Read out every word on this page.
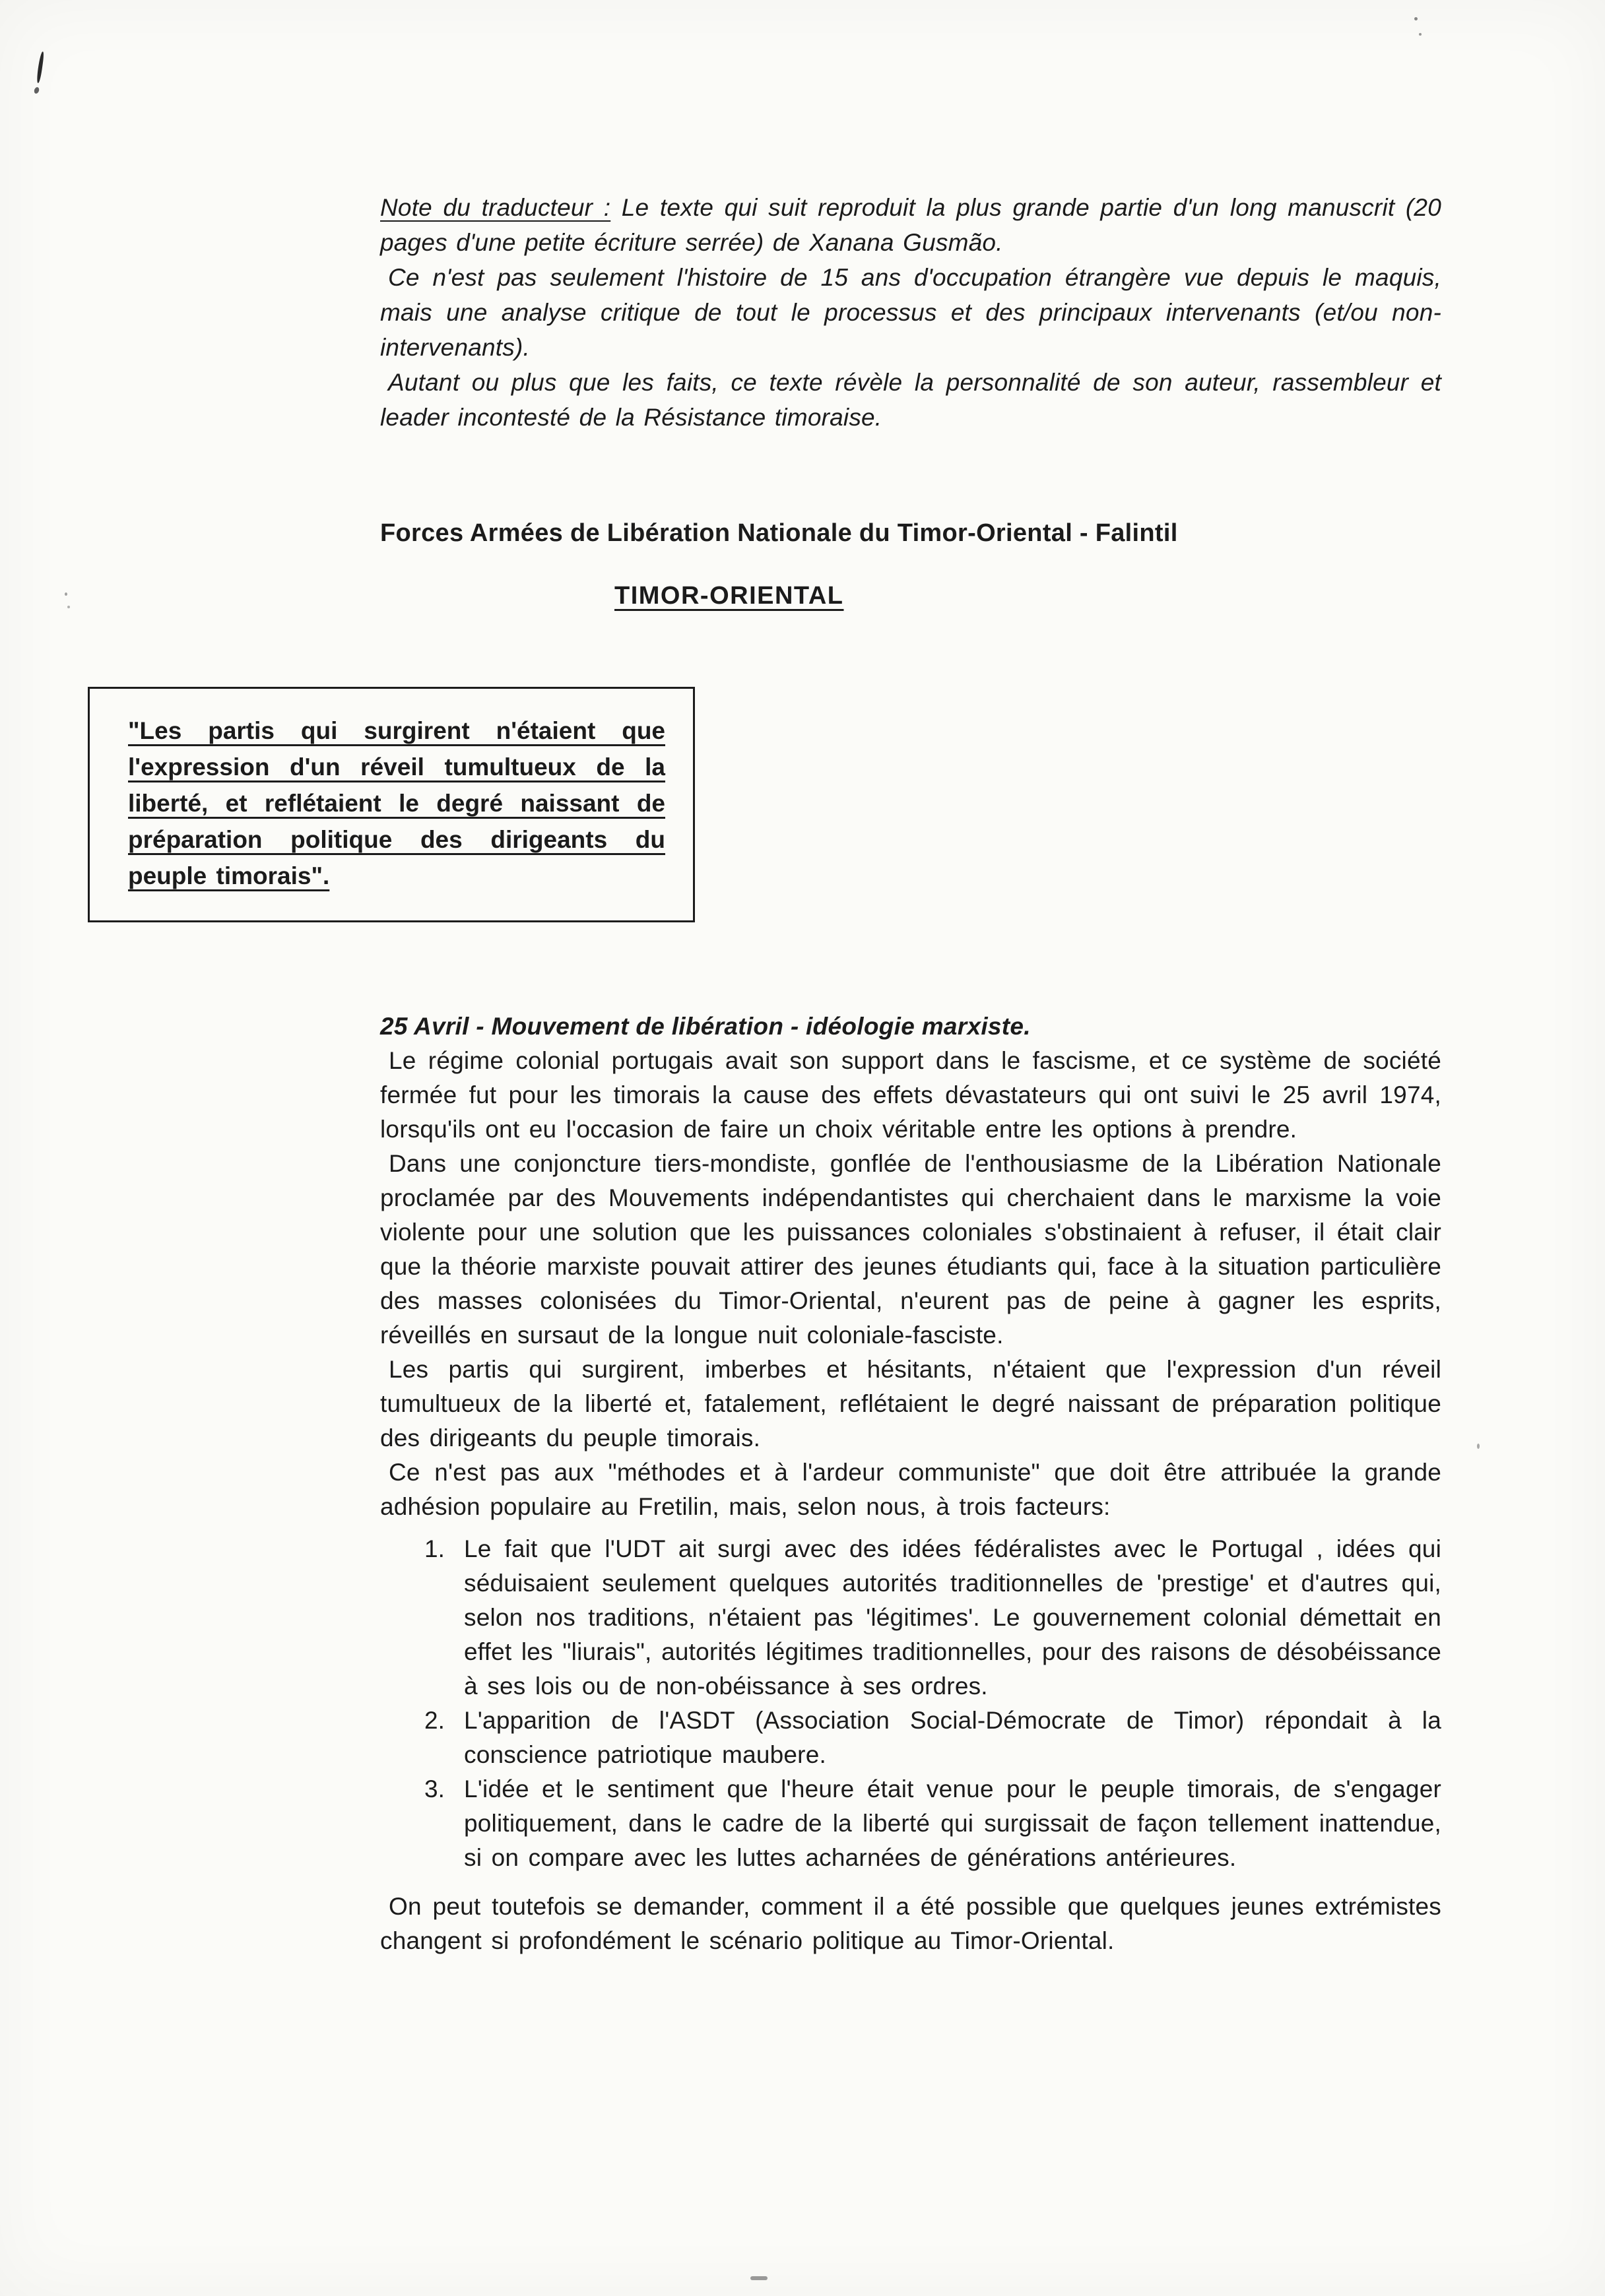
Note du traducteur : Le texte qui suit reproduit la plus grande partie d'un long manuscrit (20 pages d'une petite écriture serrée) de Xanana Gusmão.

Ce n'est pas seulement l'histoire de 15 ans d'occupation étrangère vue depuis le maquis, mais une analyse critique de tout le processus et des principaux intervenants (et/ou non-intervenants).

Autant ou plus que les faits, ce texte révèle la personnalité de son auteur, rassembleur et leader incontesté de la Résistance timoraise.

Forces Armées de Libération Nationale du Timor-Oriental - Falintil
TIMOR-ORIENTAL

"Les partis qui surgirent n'étaient que l'expression d'un réveil tumultueux de la liberté, et reflétaient le degré naissant de préparation politique des dirigeants du peuple timorais".

25 Avril - Mouvement de libération - idéologie marxiste.

Le régime colonial portugais avait son support dans le fascisme, et ce système de société fermée fut pour les timorais la cause des effets dévastateurs qui ont suivi le 25 avril 1974, lorsqu'ils ont eu l'occasion de faire un choix véritable entre les options à prendre.

Dans une conjoncture tiers-mondiste, gonflée de l'enthousiasme de la Libération Nationale proclamée par des Mouvements indépendantistes qui cherchaient dans le marxisme la voie violente pour une solution que les puissances coloniales s'obstinaient à refuser, il était clair que la théorie marxiste pouvait attirer des jeunes étudiants qui, face à la situation particulière des masses colonisées du Timor-Oriental, n'eurent pas de peine à gagner les esprits, réveillés en sursaut de la longue nuit coloniale-fasciste.

Les partis qui surgirent, imberbes et hésitants, n'étaient que l'expression d'un réveil tumultueux de la liberté et, fatalement, reflétaient le degré naissant de préparation politique des dirigeants du peuple timorais.

Ce n'est pas aux "méthodes et à l'ardeur communiste" que doit être attribuée la grande adhésion populaire au Fretilin, mais, selon nous, à trois facteurs:

1. Le fait que l'UDT ait surgi avec des idées fédéralistes avec le Portugal , idées qui séduisaient seulement quelques autorités traditionnelles de 'prestige' et d'autres qui, selon nos traditions, n'étaient pas 'légitimes'. Le gouvernement colonial démettait en effet les "liurais", autorités légitimes traditionnelles, pour des raisons de désobéissance à ses lois ou de non-obéissance à ses ordres.
2. L'apparition de l'ASDT (Association Social-Démocrate de Timor) répondait à la conscience patriotique maubere.
3. L'idée et le sentiment que l'heure était venue pour le peuple timorais, de s'engager politiquement, dans le cadre de la liberté qui surgissait de façon tellement inattendue, si on compare avec les luttes acharnées de générations antérieures.

On peut toutefois se demander, comment il a été possible que quelques jeunes extrémistes changent si profondément le scénario politique au Timor-Oriental.
